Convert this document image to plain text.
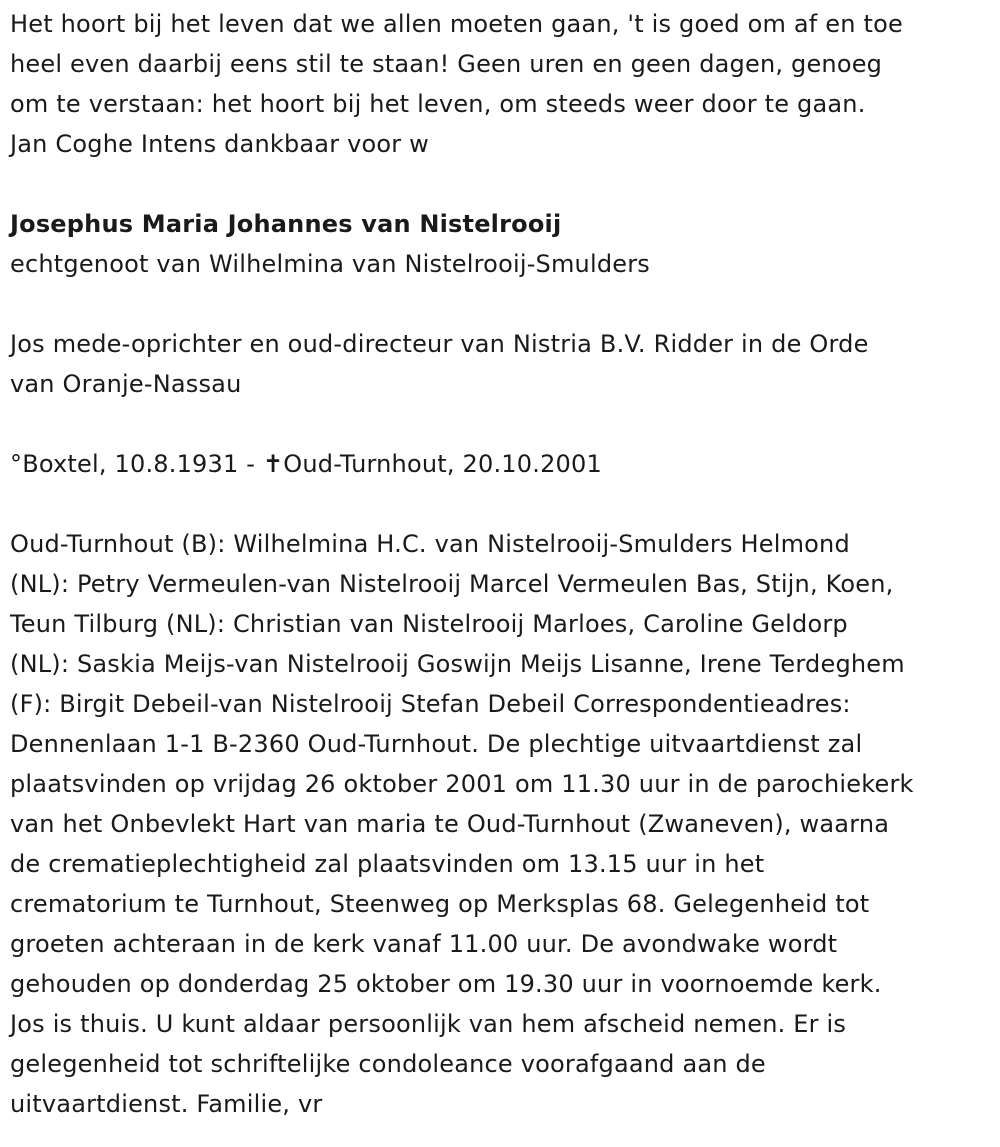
Het hoort bij het leven dat we allen moeten gaan, 't is goed om af en toe
heel even daarbij eens stil te staan! Geen uren en geen dagen, genoeg
om te verstaan: het hoort bij het leven, om steeds weer door te gaan.
Jan Coghe Intens dankbaar voor w
Josephus Maria Johannes van Nistelrooij
echtgenoot van Wilhelmina van Nistelrooij-Smulders
Jos mede-oprichter en oud-directeur van Nistria B.V. Ridder in de Orde
van Oranje-Nassau
°Boxtel, 10.8.1931 - ✝Oud-Turnhout, 20.10.2001
Oud-Turnhout (B): Wilhelmina H.C. van Nistelrooij-Smulders Helmond
(NL): Petry Vermeulen-van Nistelrooij Marcel Vermeulen Bas, Stijn, Koen,
Teun Tilburg (NL): Christian van Nistelrooij Marloes, Caroline Geldorp
(NL): Saskia Meijs-van Nistelrooij Goswijn Meijs Lisanne, Irene Terdeghem
(F): Birgit Debeil-van Nistelrooij Stefan Debeil Correspondentieadres:
Dennenlaan 1-1 B-2360 Oud-Turnhout. De plechtige uitvaartdienst zal
plaatsvinden op vrijdag 26 oktober 2001 om 11.30 uur in de parochiekerk
van het Onbevlekt Hart van maria te Oud-Turnhout (Zwaneven), waarna
de crematieplechtigheid zal plaatsvinden om 13.15 uur in het
crematorium te Turnhout, Steenweg op Merksplas 68. Gelegenheid tot
groeten achteraan in de kerk vanaf 11.00 uur. De avondwake wordt
gehouden op donderdag 25 oktober om 19.30 uur in voornoemde kerk.
Jos is thuis. U kunt aldaar persoonlijk van hem afscheid nemen. Er is
gelegenheid tot schriftelijke condoleance voorafgaand aan de
uitvaartdienst. Familie, vr
